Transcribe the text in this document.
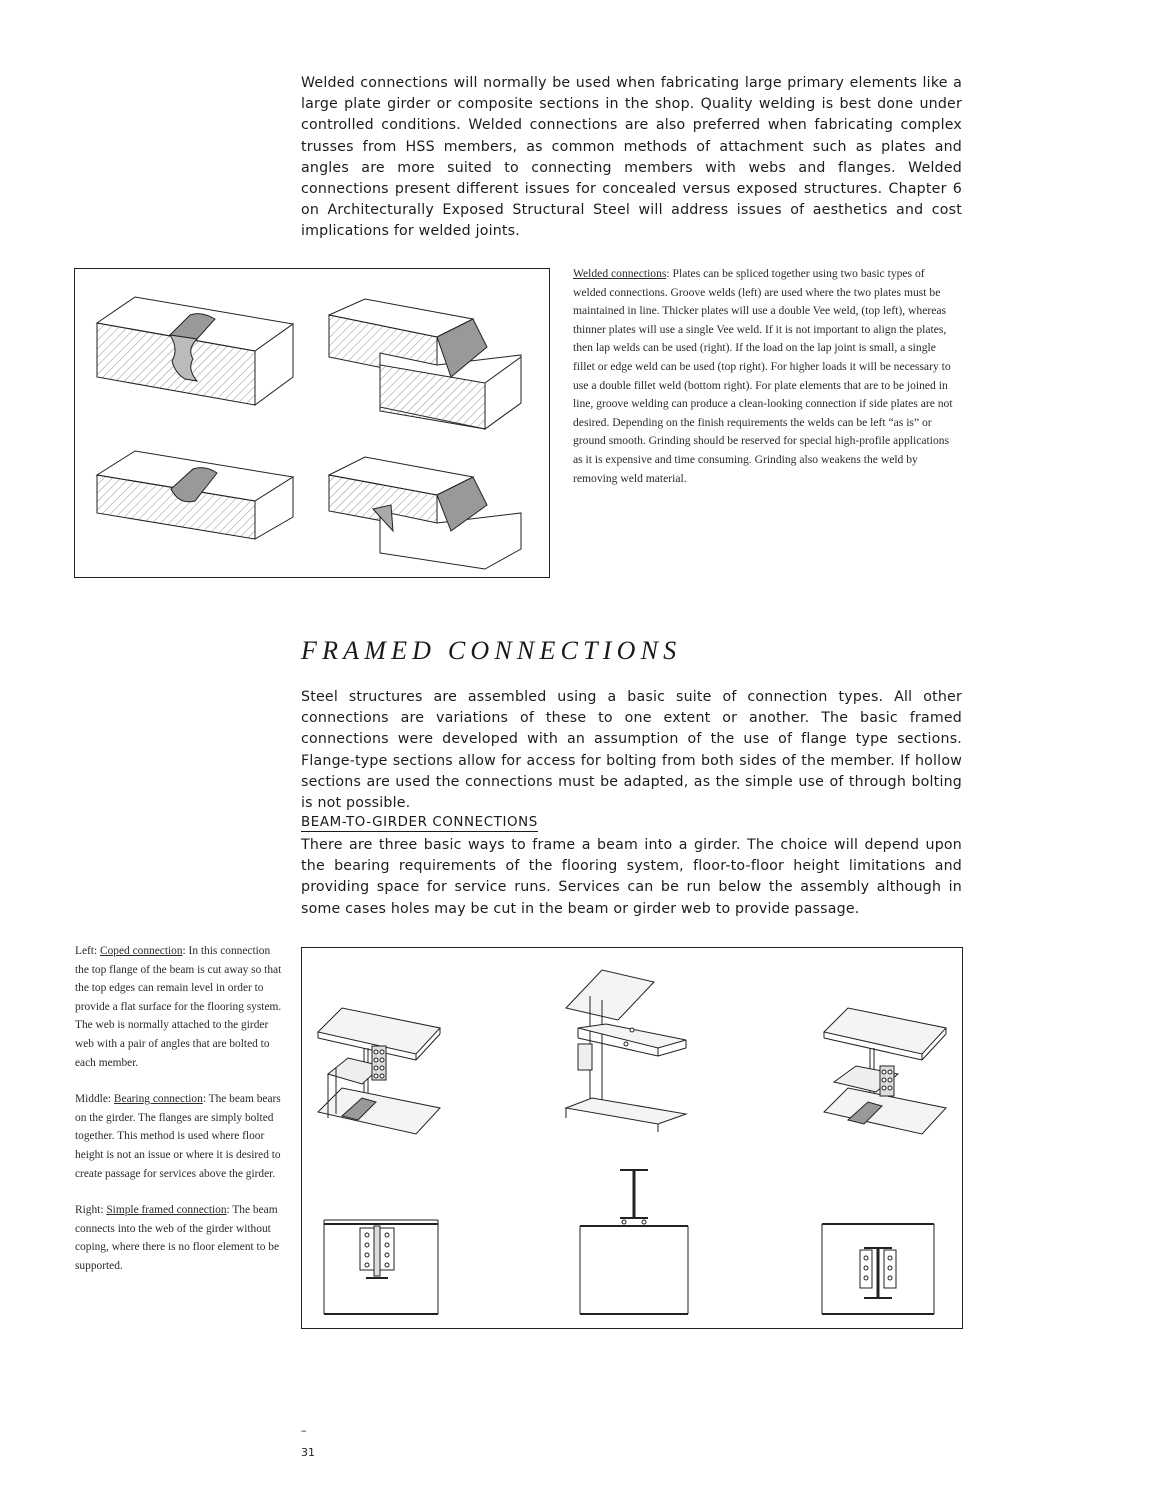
Welded connections will normally be used when fabricating large primary elements like a large plate girder or composite sections in the shop. Quality welding is best done under controlled conditions. Welded connections are also preferred when fabricating complex trusses from HSS members, as common methods of attachment such as plates and angles are more suited to connecting members with webs and flanges. Welded connections present different issues for concealed versus exposed structures. Chapter 6 on Architecturally Exposed Structural Steel will address issues of aesthetics and cost implications for welded joints.

Welded connections: Plates can be spliced together using two basic types of welded connections. Groove welds (left) are used where the two plates must be maintained in line. Thicker plates will use a double Vee weld, (top left), whereas thinner plates will use a single Vee weld. If it is not important to align the plates, then lap welds can be used (right). If the load on the lap joint is small, a single fillet or edge weld can be used (top right). For higher loads it will be necessary to use a double fillet weld (bottom right). For plate elements that are to be joined in line, groove welding can produce a clean-looking connection if side plates are not desired. Depending on the finish requirements the welds can be left “as is” or ground smooth. Grinding should be reserved for special high-profile applications as it is expensive and time consuming. Grinding also weakens the weld by removing weld material.

FRAMED CONNECTIONS

Steel structures are assembled using a basic suite of connection types. All other connections are variations of these to one extent or another. The basic framed connections were developed with an assumption of the use of flange type sections. Flange-type sections allow for access for bolting from both sides of the member. If hollow sections are used the connections must be adapted, as the simple use of through bolting is not possible.

BEAM-TO-GIRDER CONNECTIONS

There are three basic ways to frame a beam into a girder. The choice will depend upon the bearing requirements of the flooring system, floor-to-floor height limitations and providing space for service runs. Services can be run below the assembly although in some cases holes may be cut in the beam or girder web to provide passage.

Left: Coped connection: In this connection the top flange of the beam is cut away so that the top edges can remain level in order to provide a flat surface for the flooring system. The web is normally attached to the girder web with a pair of angles that are bolted to each member.

Middle: Bearing connection: The beam bears on the girder. The flanges are simply bolted together. This method is used where floor height is not an issue or where it is desired to create passage for services above the girder.

Right: Simple framed connection: The beam connects into the web of the girder without coping, where there is no floor element to be supported.

–
31
